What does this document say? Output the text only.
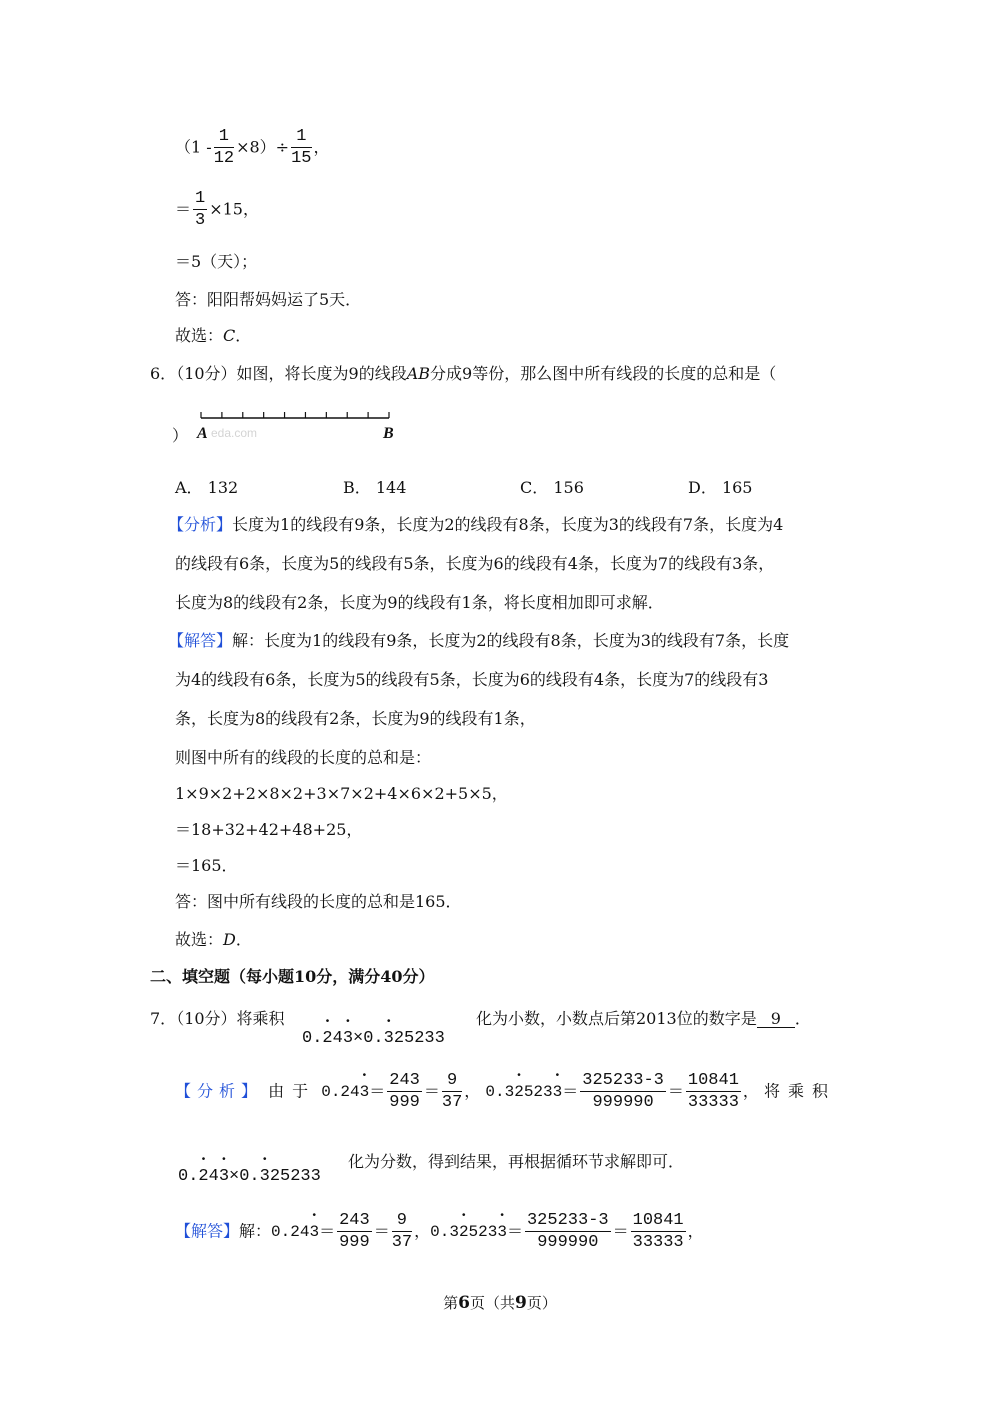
$(1 - \frac{1}{12} \times 8)\div \frac{1}{15}$ ，
＝ $\frac{1}{3} \times 15$，
＝5（天）；
答：阳阳帮妈妈运了5天．
故选：C．
6．（10分）如图，将长度为9的线段AB分成9等份，那么图中所有线段的长度的总和是（
） A	B
eda.com
A． 132	B． 144	C． 156	D． 165
【分析】长度为1的线段有9条，长度为2的线段有8条，长度为3的线段有7条，长度为4
的线段有6条，长度为5的线段有5条，长度为6的线段有4条，长度为7的线段有3条，
长度为8的线段有2条，长度为9的线段有1条，将长度相加即可求解．
【解答】解：长度为1的线段有9条，长度为2的线段有8条，长度为3的线段有7条，长度
为4的线段有6条，长度为5的线段有5条，长度为6的线段有4条，长度为7的线段有3
条，长度为8的线段有2条，长度为9的线段有1条，
则图中所有的线段的长度的总和是：
1×9×2+2×8×2+3×7×2+4×6×2+5×5，
＝18+32+42+48+25，
＝165．
答：图中所有线段的长度的总和是165．
故选：D．
二、填空题（每小题10分，满分40分）
7．（10分）将乘积
0.• 24• 3×0.• 325233
化为小数，小数点后第2013位的数字是 9 ．
【分析】 由于 0.24• $3= \frac{243}{999} = \frac{9}{37}$ ， 0.3• 2523• $3= \frac{325233-3}{999990} = \frac{10841}{33333}$ ， 将乘积
0.• 24• 3×0.• 325233
化为分数，得到结果，再根据循环节求解即可．
【解答】解：0.24• $3= \frac{243}{999} = \frac{9}{37}$ ，0.3• 2523• $3= \frac{325233-3}{999990} = \frac{10841}{33333}$ ，
第6页（共9页）
